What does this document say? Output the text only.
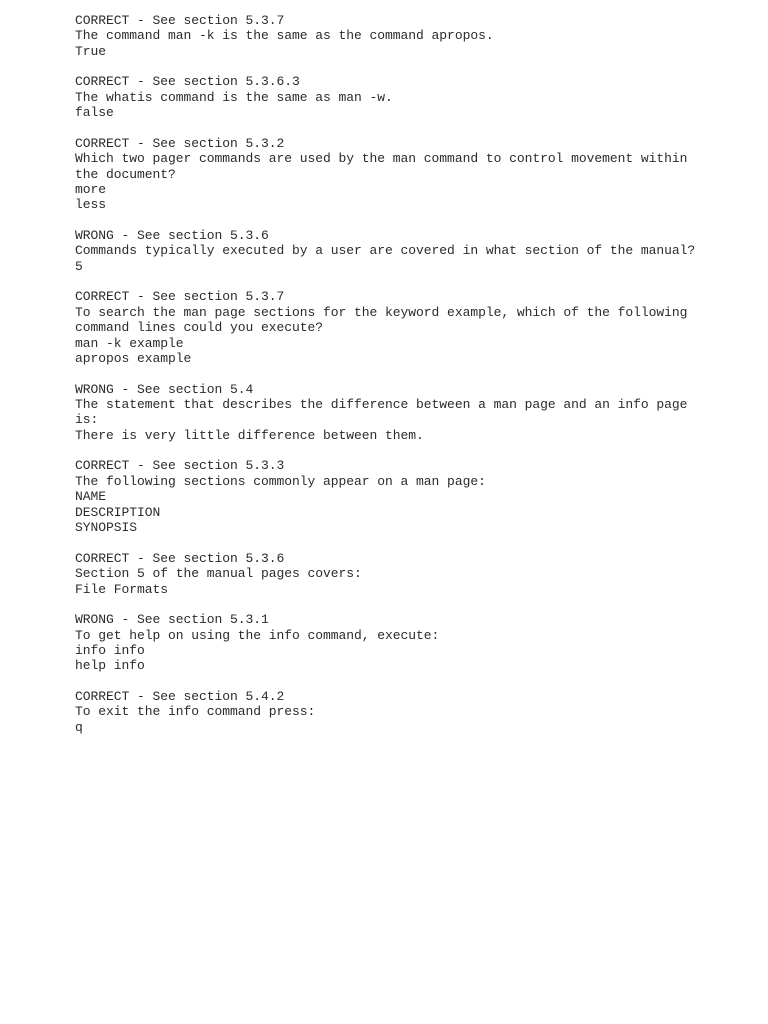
CORRECT - See section 5.3.7
The command man -k is the same as the command apropos.
True
CORRECT - See section 5.3.6.3
The whatis command is the same as man -w.
false
CORRECT - See section 5.3.2
Which two pager commands are used by the man command to control movement within
the document?
more
less
WRONG - See section 5.3.6
Commands typically executed by a user are covered in what section of the manual?
5
CORRECT - See section 5.3.7
To search the man page sections for the keyword example, which of the following
command lines could you execute?
man -k example
apropos example
WRONG - See section 5.4
The statement that describes the difference between a man page and an info page
is:
There is very little difference between them.
CORRECT - See section 5.3.3
The following sections commonly appear on a man page:
NAME
DESCRIPTION
SYNOPSIS
CORRECT - See section 5.3.6
Section 5 of the manual pages covers:
File Formats
WRONG - See section 5.3.1
To get help on using the info command, execute:
info info
help info
CORRECT - See section 5.4.2
To exit the info command press:
q
